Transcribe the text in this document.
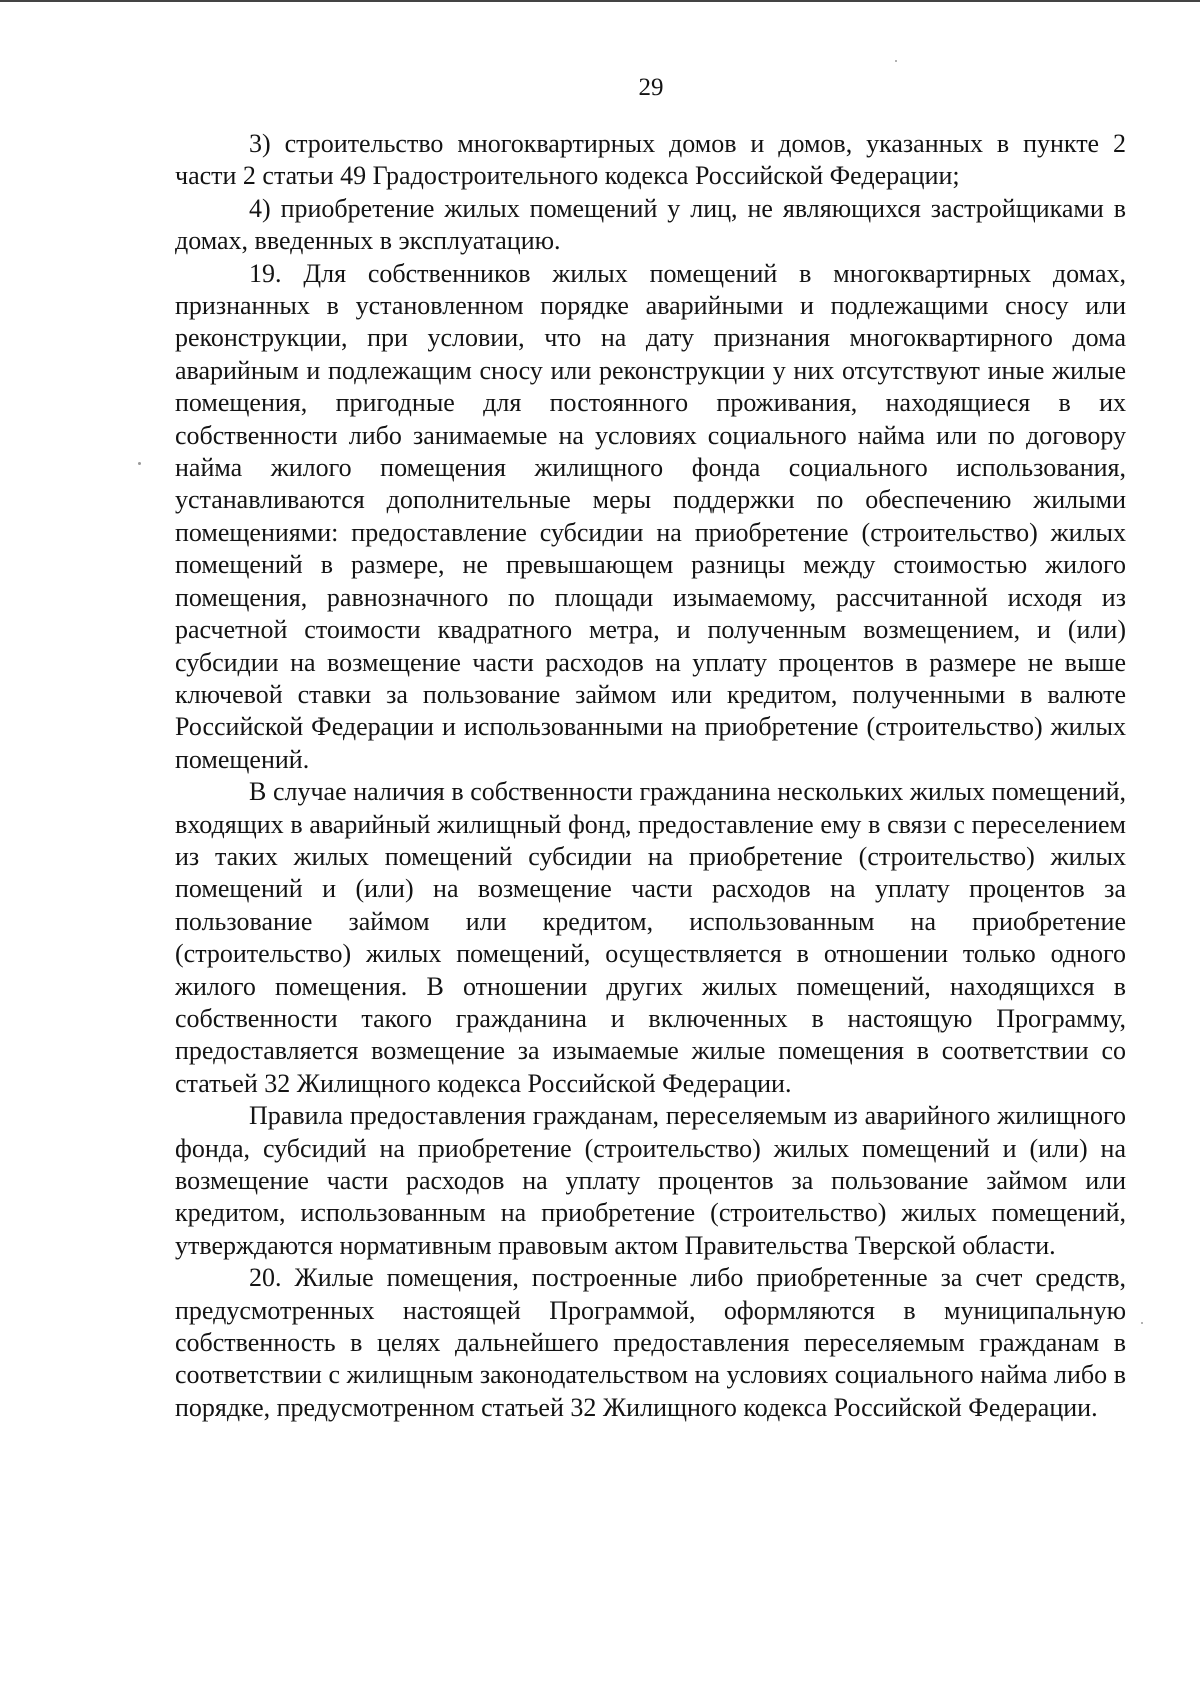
29

3) строительство многоквартирных домов и домов, указанных в пункте 2 части 2 статьи 49 Градостроительного кодекса Российской Федерации;

4) приобретение жилых помещений у лиц, не являющихся застройщиками в домах, введенных в эксплуатацию.

19. Для собственников жилых помещений в многоквартирных домах, признанных в установленном порядке аварийными и подлежащими сносу или реконструкции, при условии, что на дату признания многоквартирного дома аварийным и подлежащим сносу или реконструкции у них отсутствуют иные жилые помещения, пригодные для постоянного проживания, находящиеся в их собственности либо занимаемые на условиях социального найма или по договору найма жилого помещения жилищного фонда социального использования, устанавливаются дополнительные меры поддержки по обеспечению жилыми помещениями: предоставление субсидии на приобретение (строительство) жилых помещений в размере, не превышающем разницы между стоимостью жилого помещения, равнозначного по площади изымаемому, рассчитанной исходя из расчетной стоимости квадратного метра, и полученным возмещением, и (или) субсидии на возмещение части расходов на уплату процентов в размере не выше ключевой ставки за пользование займом или кредитом, полученными в валюте Российской Федерации и использованными на приобретение (строительство) жилых помещений.

В случае наличия в собственности гражданина нескольких жилых помещений, входящих в аварийный жилищный фонд, предоставление ему в связи с переселением из таких жилых помещений субсидии на приобретение (строительство) жилых помещений и (или) на возмещение части расходов на уплату процентов за пользование займом или кредитом, использованным на приобретение (строительство) жилых помещений, осуществляется в отношении только одного жилого помещения. В отношении других жилых помещений, находящихся в собственности такого гражданина и включенных в настоящую Программу, предоставляется возмещение за изымаемые жилые помещения в соответствии со статьей 32 Жилищного кодекса Российской Федерации.

Правила предоставления гражданам, переселяемым из аварийного жилищного фонда, субсидий на приобретение (строительство) жилых помещений и (или) на возмещение части расходов на уплату процентов за пользование займом или кредитом, использованным на приобретение (строительство) жилых помещений, утверждаются нормативным правовым актом Правительства Тверской области.

20. Жилые помещения, построенные либо приобретенные за счет средств, предусмотренных настоящей Программой, оформляются в муниципальную собственность в целях дальнейшего предоставления переселяемым гражданам в соответствии с жилищным законодательством на условиях социального найма либо в порядке, предусмотренном статьей 32 Жилищного кодекса Российской Федерации.
